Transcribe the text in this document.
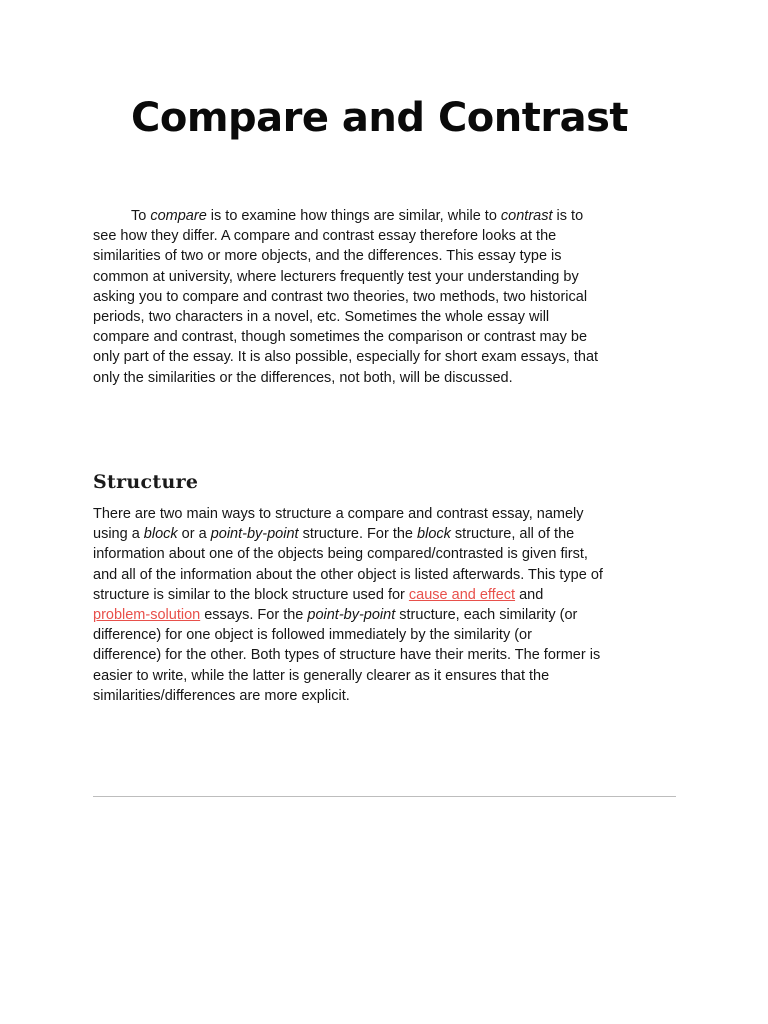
Compare and Contrast

To compare is to examine how things are similar, while to contrast is to see how they differ. A compare and contrast essay therefore looks at the similarities of two or more objects, and the differences. This essay type is common at university, where lecturers frequently test your understanding by asking you to compare and contrast two theories, two methods, two historical periods, two characters in a novel, etc. Sometimes the whole essay will compare and contrast, though sometimes the comparison or contrast may be only part of the essay. It is also possible, especially for short exam essays, that only the similarities or the differences, not both, will be discussed.

Structure

There are two main ways to structure a compare and contrast essay, namely using a block or a point-by-point structure. For the block structure, all of the information about one of the objects being compared/contrasted is given first, and all of the information about the other object is listed afterwards. This type of structure is similar to the block structure used for cause and effect and problem-solution essays. For the point-by-point structure, each similarity (or difference) for one object is followed immediately by the similarity (or difference) for the other. Both types of structure have their merits. The former is easier to write, while the latter is generally clearer as it ensures that the similarities/differences are more explicit.
